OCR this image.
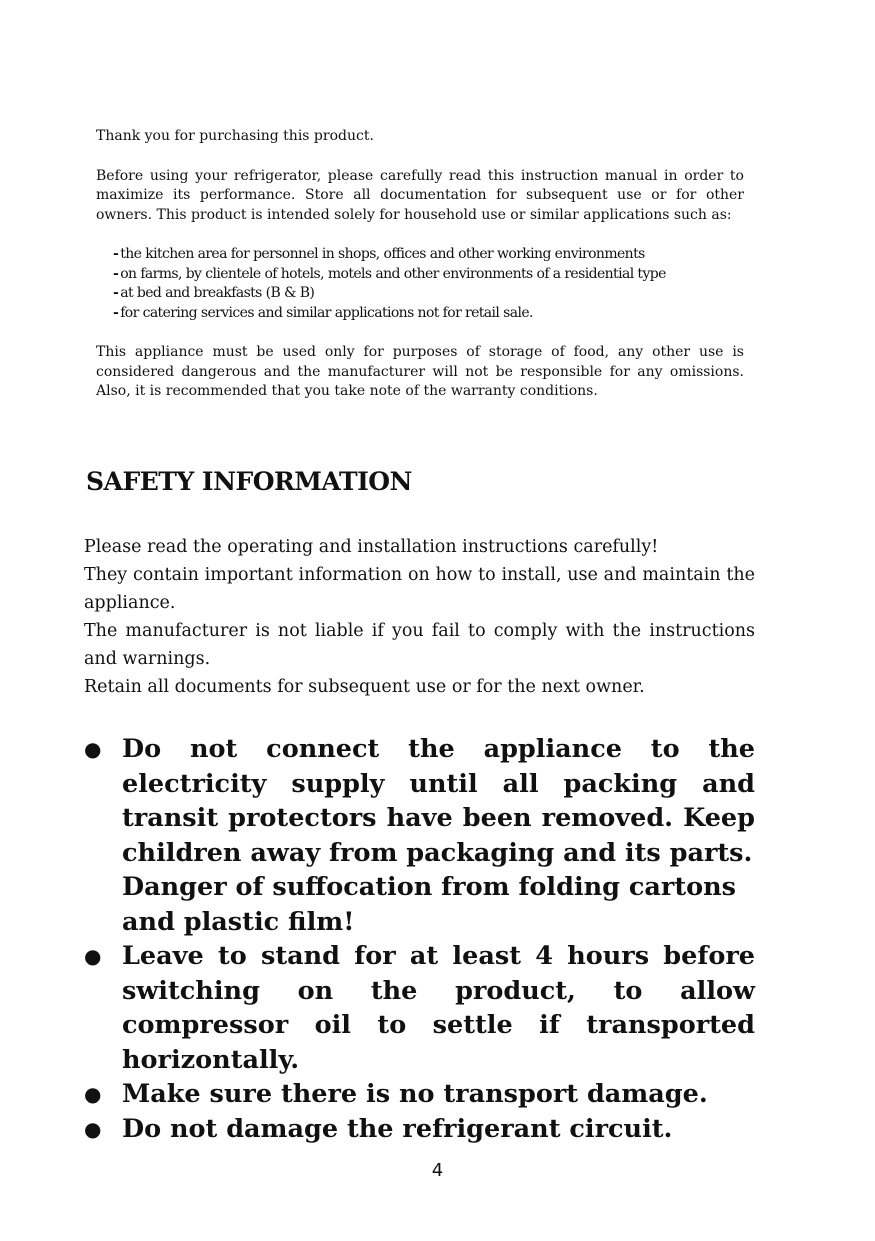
Thank you for purchasing this product.

Before using your refrigerator, please carefully read this instruction manual in order to maximize its performance. Store all documentation for subsequent use or for other owners. This product is intended solely for household use or similar applications such as:

- the kitchen area for personnel in shops, offices and other working environments
- on farms, by clientele of hotels, motels and other environments of a residential type
- at bed and breakfasts (B & B)
- for catering services and similar applications not for retail sale.

This appliance must be used only for purposes of storage of food, any other use is considered dangerous and the manufacturer will not be responsible for any omissions. Also, it is recommended that you take note of the warranty conditions.

SAFETY INFORMATION

Please read the operating and installation instructions carefully!

They contain important information on how to install, use and maintain the appliance.

The manufacturer is not liable if you fail to comply with the instructions and warnings.

Retain all documents for subsequent use or for the next owner.

● Do not connect the appliance to the electricity supply until all packing and transit protectors have been removed. Keep children away from packaging and its parts.
Danger of suffocation from folding cartons and plastic film!
● Leave to stand for at least 4 hours before switching on the product, to allow compressor oil to settle if transported horizontally.
● Make sure there is no transport damage.
● Do not damage the refrigerant circuit.
4
